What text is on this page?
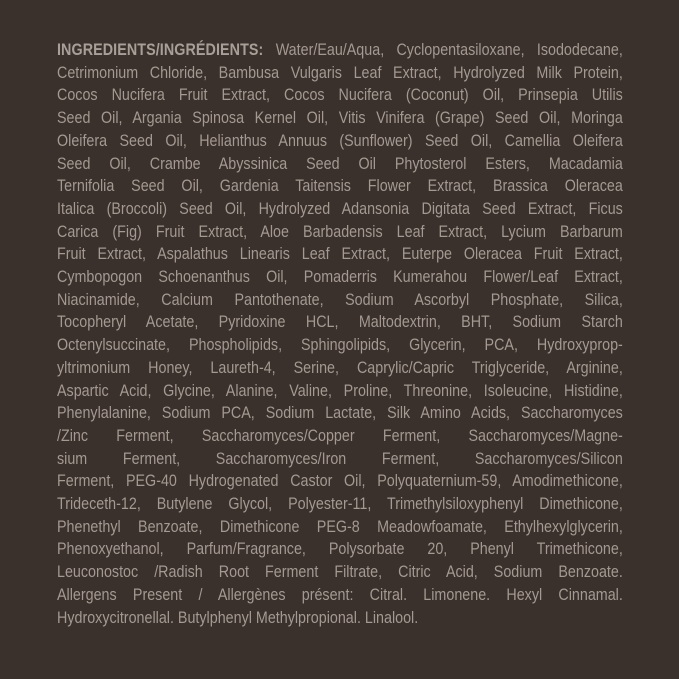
INGREDIENTS/INGRÉDIENTS: Water/Eau/Aqua, Cyclopentasiloxane, Isododecane,
Cetrimonium Chloride, Bambusa Vulgaris Leaf Extract, Hydrolyzed Milk Protein,
Cocos Nucifera Fruit Extract, Cocos Nucifera (Coconut) Oil, Prinsepia Utilis
Seed Oil, Argania Spinosa Kernel Oil, Vitis Vinifera (Grape) Seed Oil, Moringa
Oleifera Seed Oil, Helianthus Annuus (Sunflower) Seed Oil, Camellia Oleifera
Seed Oil, Crambe Abyssinica Seed Oil Phytosterol Esters, Macadamia
Ternifolia Seed Oil, Gardenia Taitensis Flower Extract, Brassica Oleracea
Italica (Broccoli) Seed Oil, Hydrolyzed Adansonia Digitata Seed Extract, Ficus
Carica (Fig) Fruit Extract, Aloe Barbadensis Leaf Extract, Lycium Barbarum
Fruit Extract, Aspalathus Linearis Leaf Extract, Euterpe Oleracea Fruit Extract,
Cymbopogon Schoenanthus Oil, Pomaderris Kumerahou Flower/Leaf Extract,
Niacinamide, Calcium Pantothenate, Sodium Ascorbyl Phosphate, Silica,
Tocopheryl Acetate, Pyridoxine HCL, Maltodextrin, BHT, Sodium Starch
Octenylsuccinate, Phospholipids, Sphingolipids, Glycerin, PCA, Hydroxyprop-
yltrimonium Honey, Laureth-4, Serine, Caprylic/Capric Triglyceride, Arginine,
Aspartic Acid, Glycine, Alanine, Valine, Proline, Threonine, Isoleucine, Histidine,
Phenylalanine, Sodium PCA, Sodium Lactate, Silk Amino Acids, Saccharomyces
/Zinc Ferment, Saccharomyces/Copper Ferment, Saccharomyces/Magne-
sium Ferment, Saccharomyces/Iron Ferment, Saccharomyces/Silicon
Ferment, PEG-40 Hydrogenated Castor Oil, Polyquaternium-59, Amodimethicone,
Trideceth-12, Butylene Glycol, Polyester-11, Trimethylsiloxyphenyl Dimethicone,
Phenethyl Benzoate, Dimethicone PEG-8 Meadowfoamate, Ethylhexylglycerin,
Phenoxyethanol, Parfum/Fragrance, Polysorbate 20, Phenyl Trimethicone,
Leuconostoc /Radish Root Ferment Filtrate, Citric Acid, Sodium Benzoate.
Allergens Present / Allergènes présent: Citral. Limonene. Hexyl Cinnamal.
Hydroxycitronellal. Butylphenyl Methylpropional. Linalool.
